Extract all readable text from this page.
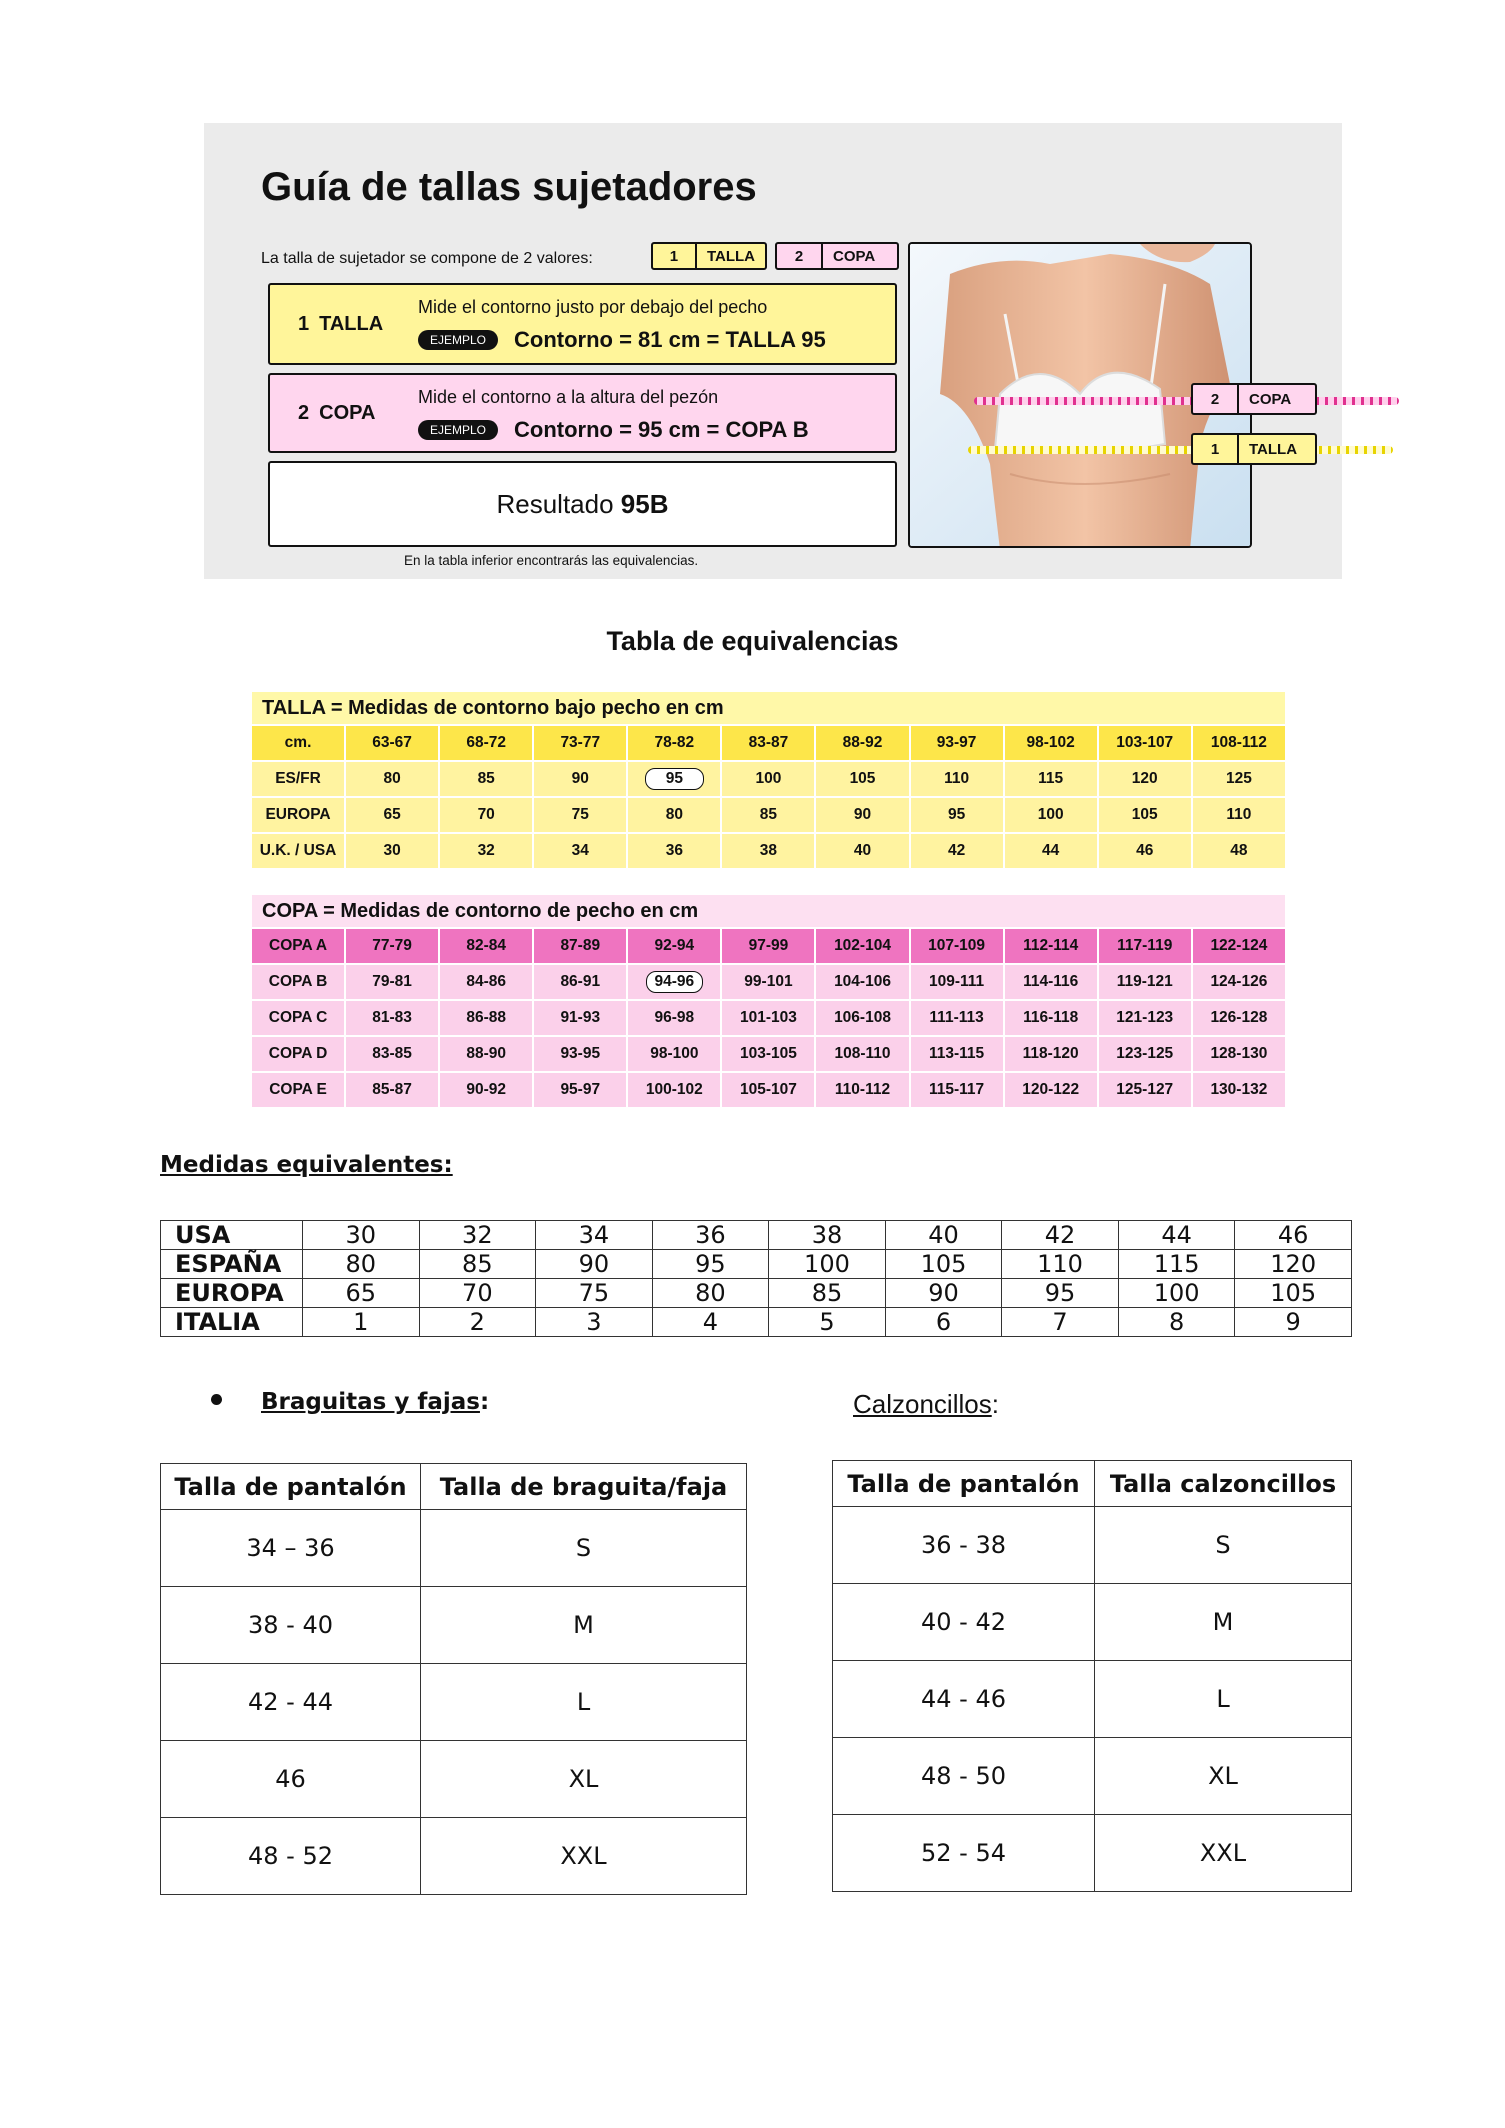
Guía de tallas sujetadores
La talla de sujetador se compone de 2 valores:	1	TALLA	2	COPA
1 TALLA
Mide el contorno justo por debajo del pecho
EJEMPLO	Contorno = 81 cm = TALLA 95
2 COPA
Mide el contorno a la altura del pezón
EJEMPLO	Contorno = 95 cm = COPA B
Resultado
95B
En la tabla inferior encontrarás las equivalencias.
2	COPA
1	TALLA
Tabla de equivalencias
TALLA = Medidas de contorno bajo pecho en cm										
cm.	63-67	68-72	73-77	78-82	83-87	88-92	93-97	98-102	103-107	108-112
ES/FR	80	85	90	95	100	105	110	115	120	125
EUROPA	65	70	75	80	85	90	95	100	105	110
U.K. / USA	30	32	34	36	38	40	42	44	46	48
COPA = Medidas de contorno de pecho en cm										
COPA A	77-79	82-84	87-89	92-94	97-99	102-104	107-109	112-114	117-119	122-124
COPA B	79-81	84-86	86-91	94-96	99-101	104-106	109-111	114-116	119-121	124-126
COPA C	81-83	86-88	91-93	96-98	101-103	106-108	111-113	116-118	121-123	126-128
COPA D	83-85	88-90	93-95	98-100	103-105	108-110	113-115	118-120	123-125	128-130
COPA E	85-87	90-92	95-97	100-102	105-107	110-112	115-117	120-122	125-127	130-132
Medidas equivalentes:
USA	30	32	34	36	38	40	42	44	46
ESPAÑA	80	85	90	95	100	105	110	115	120
EUROPA	65	70	75	80	85	90	95	100	105
ITALIA	1	2	3	4	5	6	7	8	9
Braguitas y fajas:	Calzoncillos:
Talla de pantalón	Talla de braguita/faja
34 – 36	S
38 - 40	M
42 - 44	L
46	XL
48 - 52	XXL
Talla de pantalón	Talla calzoncillos
36 - 38	S
40 - 42	M
44 - 46	L
48 - 50	XL
52 - 54	XXL
